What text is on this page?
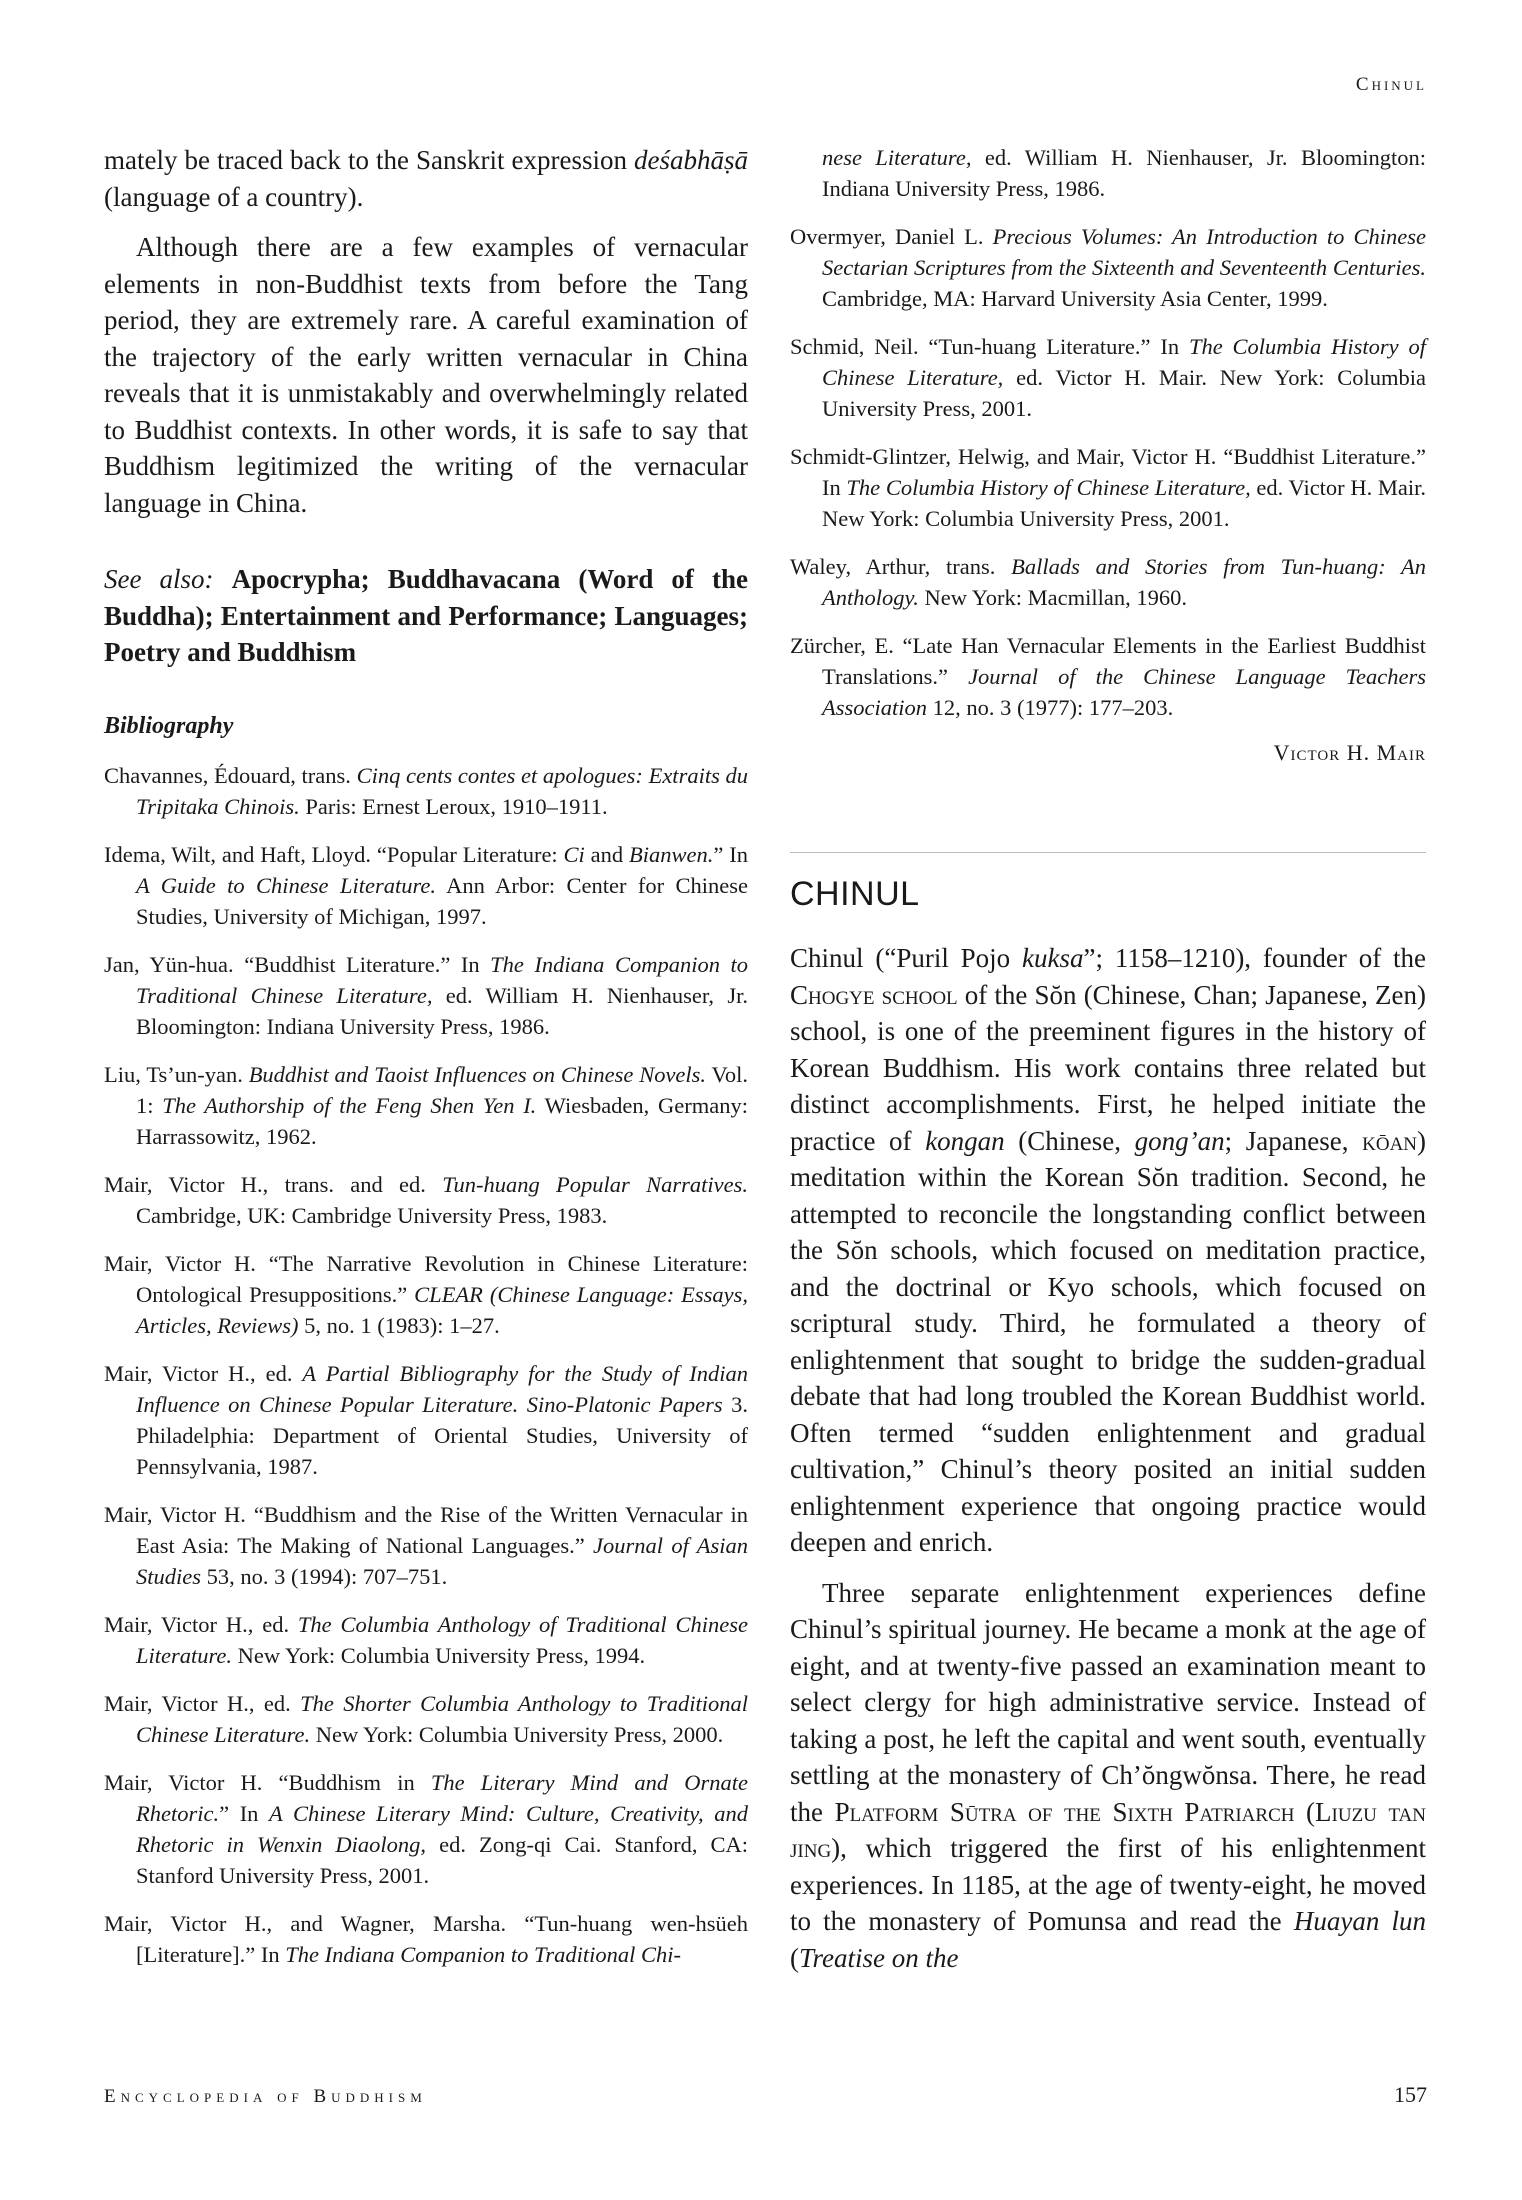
Chinul

mately be traced back to the Sanskrit expression deśabhāṣā (language of a country).

Although there are a few examples of vernacular elements in non-Buddhist texts from before the Tang period, they are extremely rare. A careful examination of the trajectory of the early written vernacular in China reveals that it is unmistakably and overwhelmingly related to Buddhist contexts. In other words, it is safe to say that Buddhism legitimized the writing of the vernacular language in China.

See also: Apocrypha; Buddhavacana (Word of the Buddha); Entertainment and Performance; Languages; Poetry and Buddhism

Bibliography

Chavannes, Édouard, trans. Cinq cents contes et apologues: Extraits du Tripitaka Chinois. Paris: Ernest Leroux, 1910–1911.

Idema, Wilt, and Haft, Lloyd. “Popular Literature: Ci and Bianwen.” In A Guide to Chinese Literature. Ann Arbor: Center for Chinese Studies, University of Michigan, 1997.

Jan, Yün-hua. “Buddhist Literature.” In The Indiana Companion to Traditional Chinese Literature, ed. William H. Nienhauser, Jr. Bloomington: Indiana University Press, 1986.

Liu, Ts’un-yan. Buddhist and Taoist Influences on Chinese Novels. Vol. 1: The Authorship of the Feng Shen Yen I. Wiesbaden, Germany: Harrassowitz, 1962.

Mair, Victor H., trans. and ed. Tun-huang Popular Narratives. Cambridge, UK: Cambridge University Press, 1983.

Mair, Victor H. “The Narrative Revolution in Chinese Literature: Ontological Presuppositions.” CLEAR (Chinese Language: Essays, Articles, Reviews) 5, no. 1 (1983): 1–27.

Mair, Victor H., ed. A Partial Bibliography for the Study of Indian Influence on Chinese Popular Literature. Sino-Platonic Papers 3. Philadelphia: Department of Oriental Studies, University of Pennsylvania, 1987.

Mair, Victor H. “Buddhism and the Rise of the Written Vernacular in East Asia: The Making of National Languages.” Journal of Asian Studies 53, no. 3 (1994): 707–751.

Mair, Victor H., ed. The Columbia Anthology of Traditional Chinese Literature. New York: Columbia University Press, 1994.

Mair, Victor H., ed. The Shorter Columbia Anthology to Traditional Chinese Literature. New York: Columbia University Press, 2000.

Mair, Victor H. “Buddhism in The Literary Mind and Ornate Rhetoric.” In A Chinese Literary Mind: Culture, Creativity, and Rhetoric in Wenxin Diaolong, ed. Zong-qi Cai. Stanford, CA: Stanford University Press, 2001.

Mair, Victor H., and Wagner, Marsha. “Tun-huang wen-hsüeh [Literature].” In The Indiana Companion to Traditional Chi-

nese Literature, ed. William H. Nienhauser, Jr. Bloomington: Indiana University Press, 1986.

Overmyer, Daniel L. Precious Volumes: An Introduction to Chinese Sectarian Scriptures from the Sixteenth and Seventeenth Centuries. Cambridge, MA: Harvard University Asia Center, 1999.

Schmid, Neil. “Tun-huang Literature.” In The Columbia History of Chinese Literature, ed. Victor H. Mair. New York: Columbia University Press, 2001.

Schmidt-Glintzer, Helwig, and Mair, Victor H. “Buddhist Literature.” In The Columbia History of Chinese Literature, ed. Victor H. Mair. New York: Columbia University Press, 2001.

Waley, Arthur, trans. Ballads and Stories from Tun-huang: An Anthology. New York: Macmillan, 1960.

Zürcher, E. “Late Han Vernacular Elements in the Earliest Buddhist Translations.” Journal of the Chinese Language Teachers Association 12, no. 3 (1977): 177–203.

Victor H. Mair
CHINUL

Chinul (“Puril Pojo kuksa”; 1158–1210), founder of the Chogye school of the Sŏn (Chinese, Chan; Japanese, Zen) school, is one of the preeminent figures in the history of Korean Buddhism. His work contains three related but distinct accomplishments. First, he helped initiate the practice of kongan (Chinese, gong’an; Japanese, kōan) meditation within the Korean Sŏn tradition. Second, he attempted to reconcile the longstanding conflict between the Sŏn schools, which focused on meditation practice, and the doctrinal or Kyo schools, which focused on scriptural study. Third, he formulated a theory of enlightenment that sought to bridge the sudden-gradual debate that had long troubled the Korean Buddhist world. Often termed “sudden enlightenment and gradual cultivation,” Chinul’s theory posited an initial sudden enlightenment experience that ongoing practice would deepen and enrich.

Three separate enlightenment experiences define Chinul’s spiritual journey. He became a monk at the age of eight, and at twenty-five passed an examination meant to select clergy for high administrative service. Instead of taking a post, he left the capital and went south, eventually settling at the monastery of Ch’ŏngwŏnsa. There, he read the Platform Sūtra of the Sixth Patriarch (Liuzu tan jing), which triggered the first of his enlightenment experiences. In 1185, at the age of twenty-eight, he moved to the monastery of Pomunsa and read the Huayan lun (Treatise on the

Encyclopedia of Buddhism	157
